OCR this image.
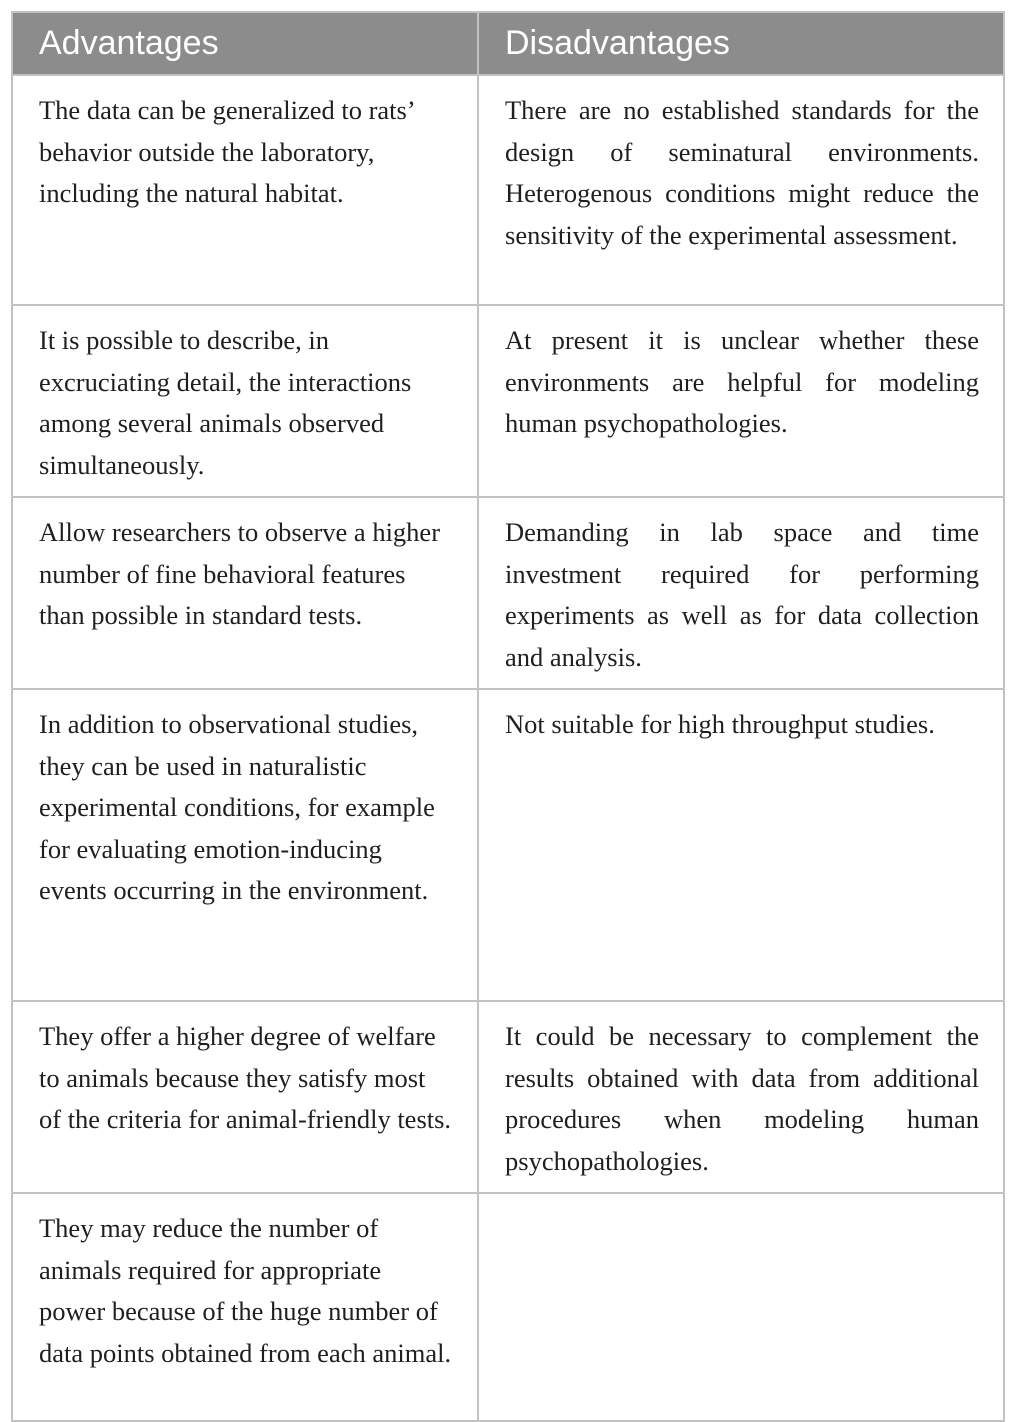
Advantages	Disadvantages
The data can be generalized to rats’ behavior outside the laboratory, including the natural habitat.	There are no established standards for the design of seminatural environments. Heterogenous conditions might reduce the sensitivity of the experimental assessment.
It is possible to describe, in excruciating detail, the interactions among several animals observed simultaneously.	At present it is unclear whether these environments are helpful for modeling human psychopathologies.
Allow researchers to observe a higher number of fine behavioral features than possible in standard tests.	Demanding in lab space and time investment required for performing experiments as well as for data collection and analysis.
In addition to observational studies, they can be used in naturalistic experimental conditions, for example for evaluating emotion-inducing events occurring in the environment.	Not suitable for high throughput studies.
They offer a higher degree of welfare to animals because they satisfy most of the criteria for animal-friendly tests.	It could be necessary to complement the results obtained with data from additional procedures when modeling human psychopathologies.
They may reduce the number of animals required for appropriate power because of the huge number of data points obtained from each animal.	
